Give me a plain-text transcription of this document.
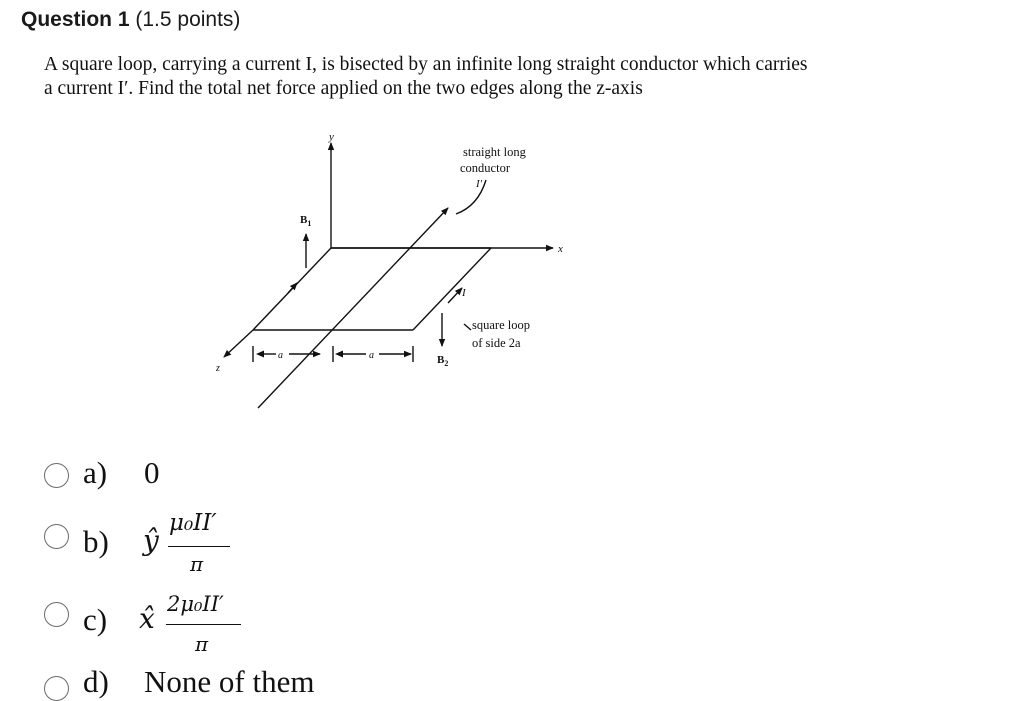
Question 1 (1.5 points)

A square loop, carrying a current I, is bisected by an infinite long straight conductor which carries

a current I′. Find the total net force applied on the two edges along the z-axis

y
x
z
straight long
conductor
I′
I
$B_1$
$B_2$
square loop
of side 2a
a	a
a) 0
b) ŷ
μ₀II′
π
c) x̂ 2μ₀II′
π
d) None of them
